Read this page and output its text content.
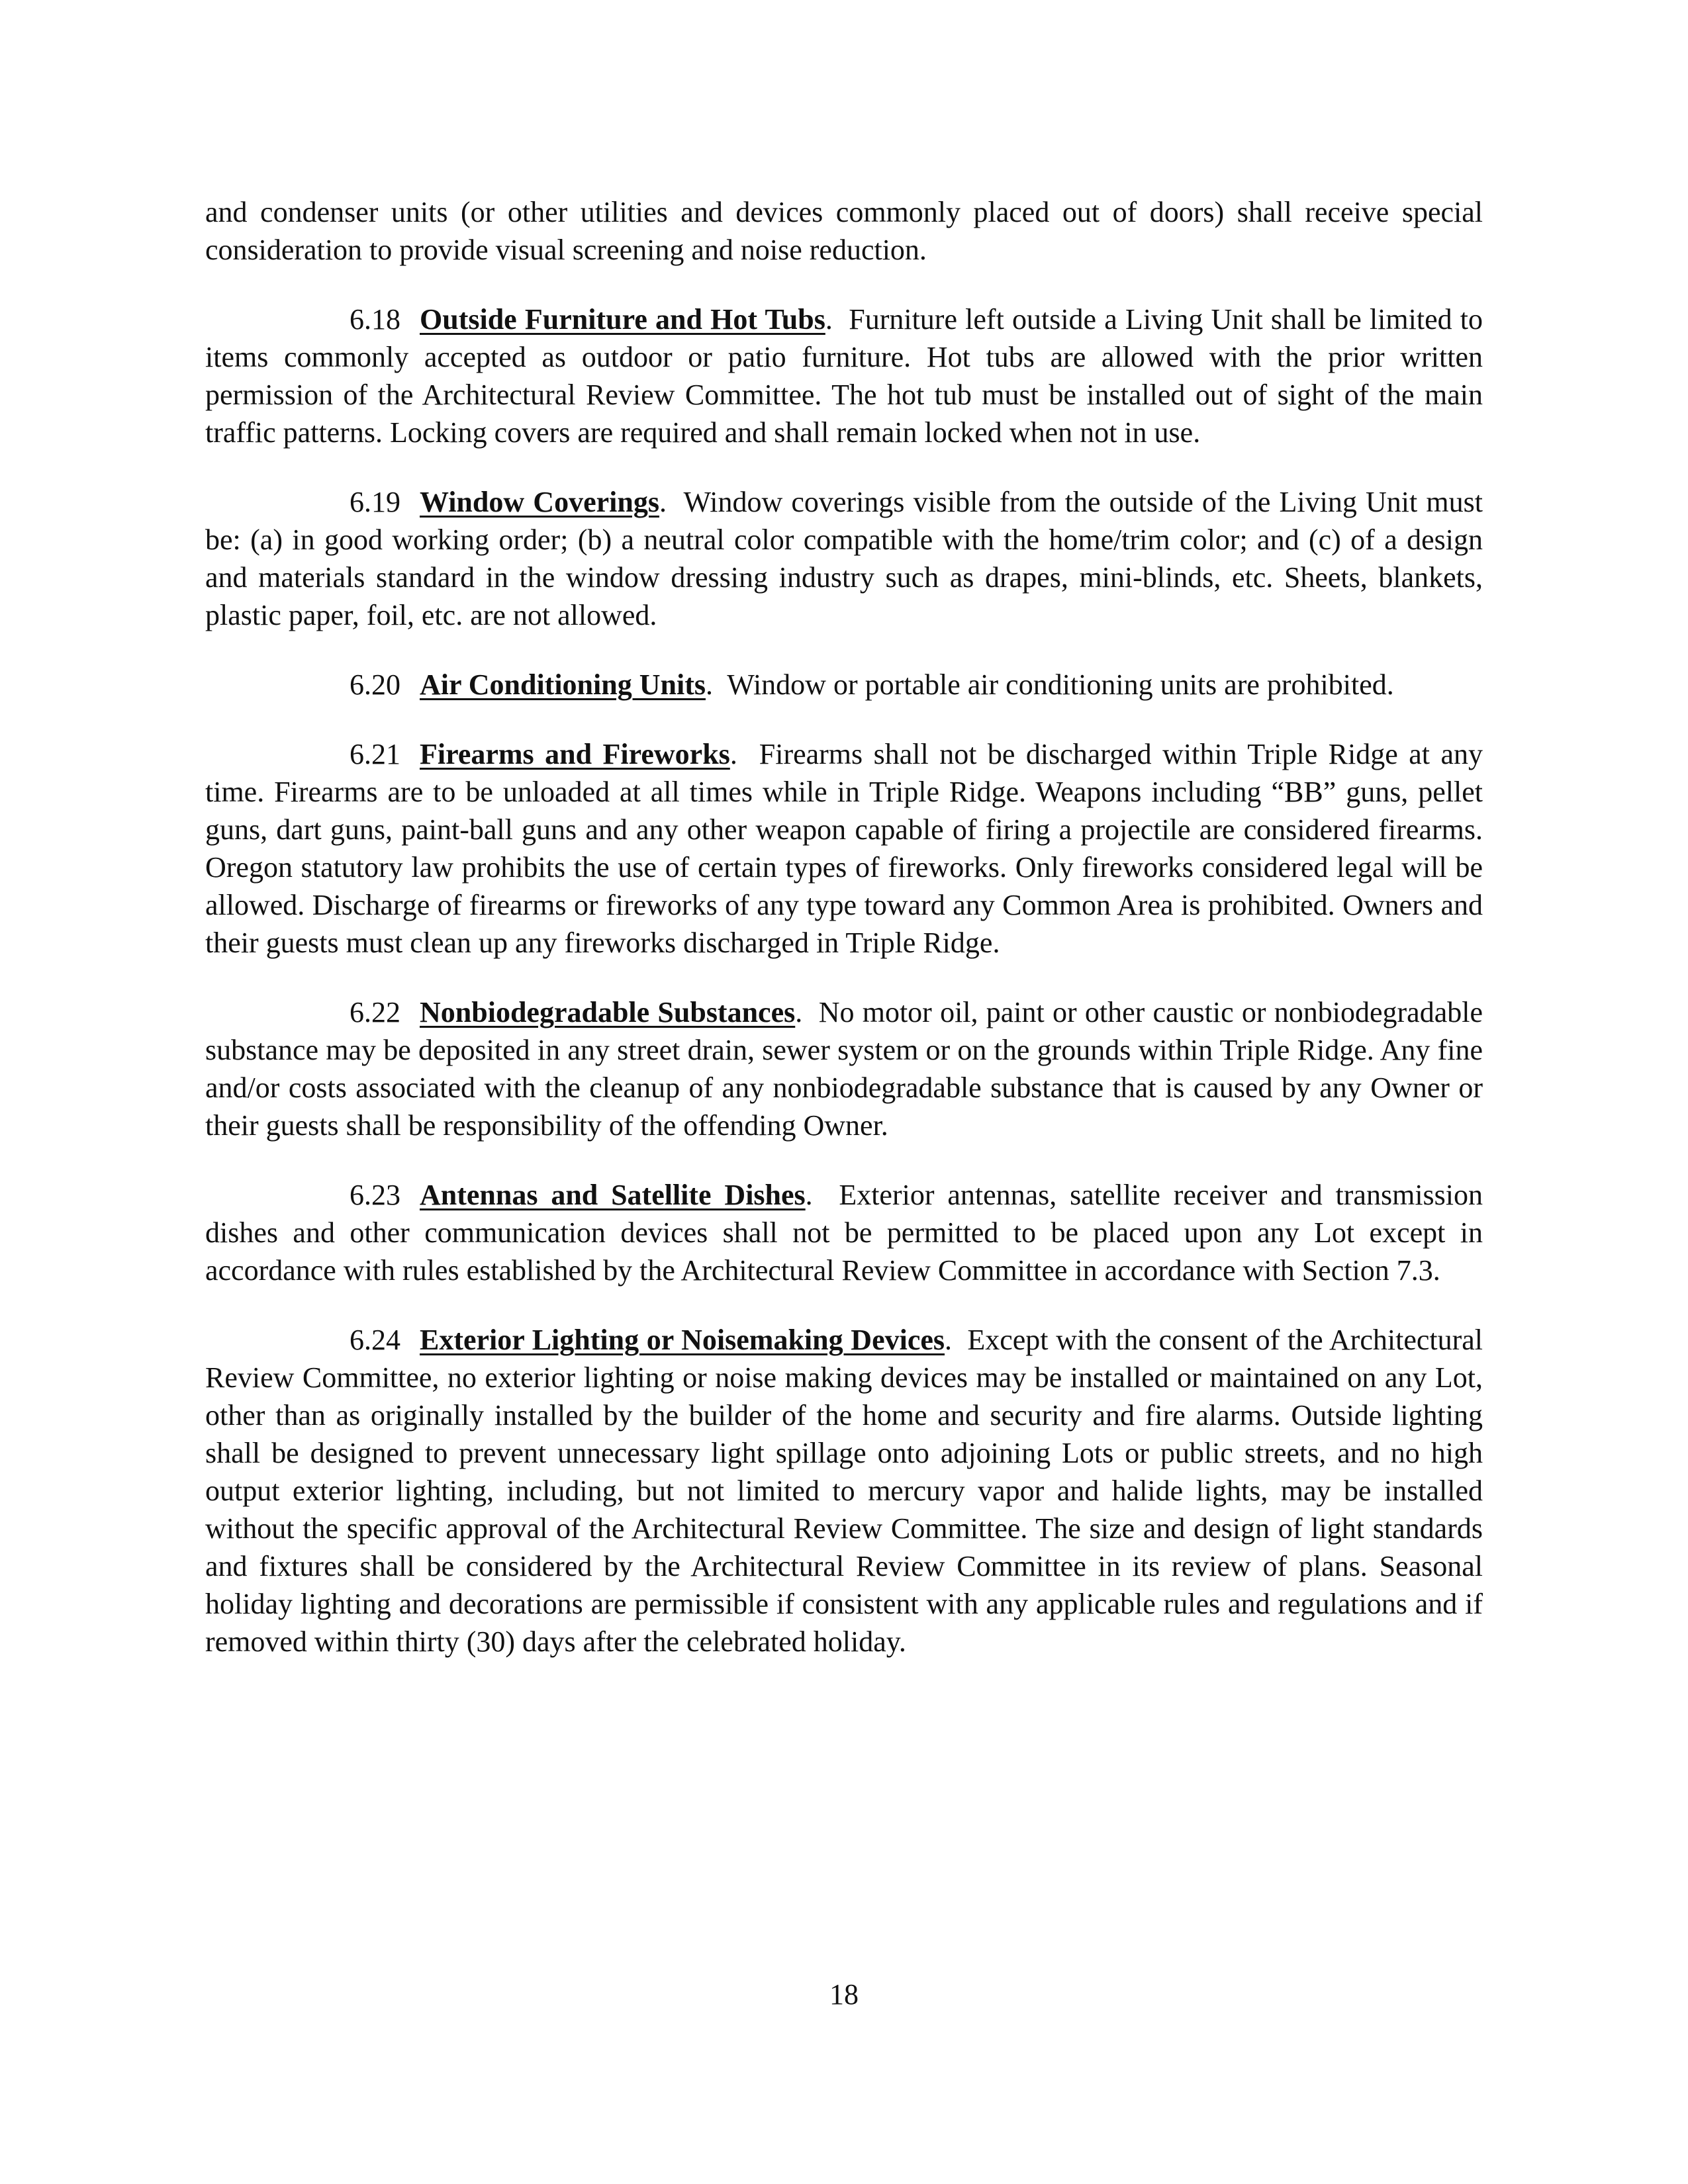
and condenser units (or other utilities and devices commonly placed out of doors) shall receive special consideration to provide visual screening and noise reduction.

6.18 Outside Furniture and Hot Tubs. Furniture left outside a Living Unit shall be limited to items commonly accepted as outdoor or patio furniture. Hot tubs are allowed with the prior written permission of the Architectural Review Committee. The hot tub must be installed out of sight of the main traffic patterns. Locking covers are required and shall remain locked when not in use.

6.19 Window Coverings. Window coverings visible from the outside of the Living Unit must be: (a) in good working order; (b) a neutral color compatible with the home/trim color; and (c) of a design and materials standard in the window dressing industry such as drapes, mini-blinds, etc. Sheets, blankets, plastic paper, foil, etc. are not allowed.

6.20 Air Conditioning Units. Window or portable air conditioning units are prohibited.

6.21 Firearms and Fireworks. Firearms shall not be discharged within Triple Ridge at any time. Firearms are to be unloaded at all times while in Triple Ridge. Weapons including “BB” guns, pellet guns, dart guns, paint-ball guns and any other weapon capable of firing a projectile are considered firearms. Oregon statutory law prohibits the use of certain types of fireworks. Only fireworks considered legal will be allowed. Discharge of firearms or fireworks of any type toward any Common Area is prohibited. Owners and their guests must clean up any fireworks discharged in Triple Ridge.

6.22 Nonbiodegradable Substances. No motor oil, paint or other caustic or nonbiodegradable substance may be deposited in any street drain, sewer system or on the grounds within Triple Ridge. Any fine and/or costs associated with the cleanup of any nonbiodegradable substance that is caused by any Owner or their guests shall be responsibility of the offending Owner.

6.23 Antennas and Satellite Dishes. Exterior antennas, satellite receiver and transmission dishes and other communication devices shall not be permitted to be placed upon any Lot except in accordance with rules established by the Architectural Review Committee in accordance with Section 7.3.

6.24 Exterior Lighting or Noisemaking Devices. Except with the consent of the Architectural Review Committee, no exterior lighting or noise making devices may be installed or maintained on any Lot, other than as originally installed by the builder of the home and security and fire alarms. Outside lighting shall be designed to prevent unnecessary light spillage onto adjoining Lots or public streets, and no high output exterior lighting, including, but not limited to mercury vapor and halide lights, may be installed without the specific approval of the Architectural Review Committee. The size and design of light standards and fixtures shall be considered by the Architectural Review Committee in its review of plans. Seasonal holiday lighting and decorations are permissible if consistent with any applicable rules and regulations and if removed within thirty (30) days after the celebrated holiday.

18
